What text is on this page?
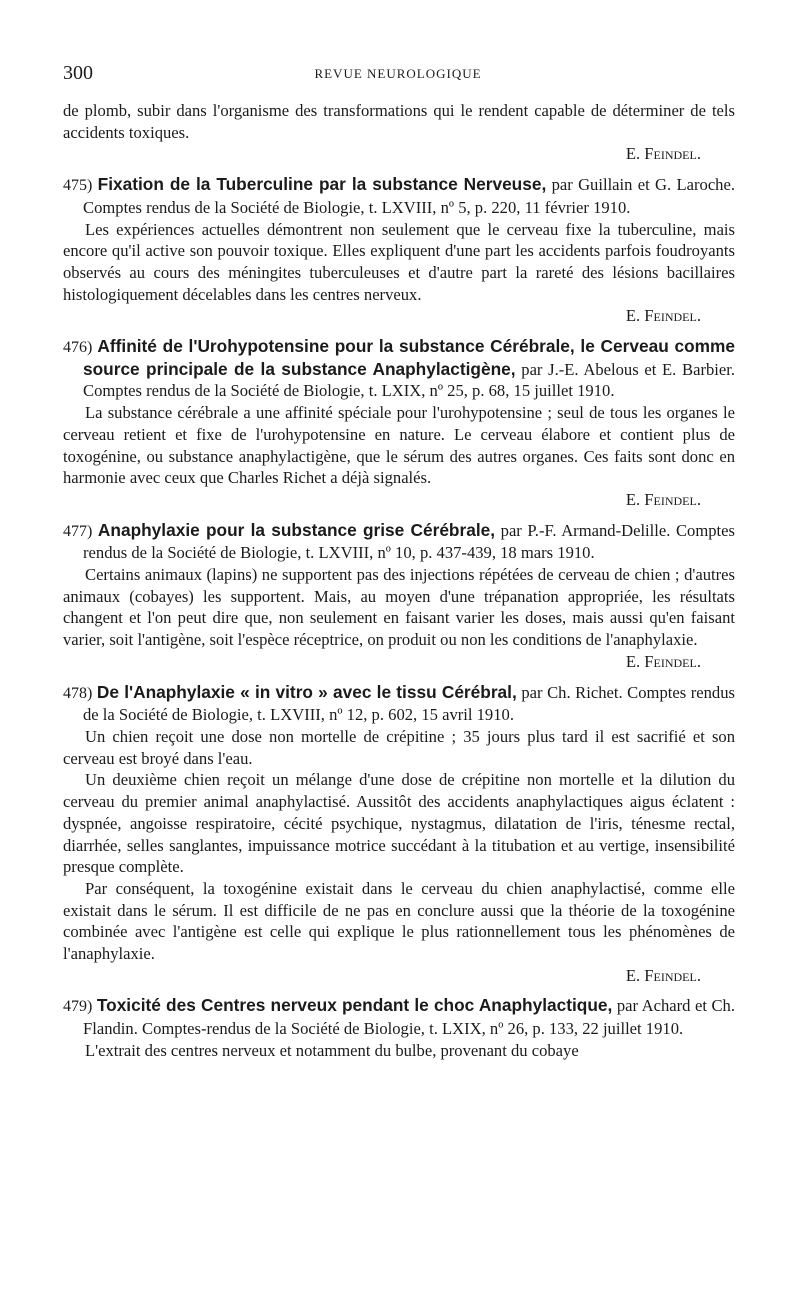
300	REVUE NEUROLOGIQUE

de plomb, subir dans l'organisme des transformations qui le rendent capable de déterminer de tels accidents toxiques.

E. Feindel.

475) Fixation de la Tuberculine par la substance Nerveuse, par Guillain et G. Laroche. Comptes rendus de la Société de Biologie, t. LXVIII, nº 5, p. 220, 11 février 1910.

Les expériences actuelles démontrent non seulement que le cerveau fixe la tuberculine, mais encore qu'il active son pouvoir toxique. Elles expliquent d'une part les accidents parfois foudroyants observés au cours des méningites tuberculeuses et d'autre part la rareté des lésions bacillaires histologiquement décelables dans les centres nerveux.

E. Feindel.

476) Affinité de l'Urohypotensine pour la substance Cérébrale, le Cerveau comme source principale de la substance Anaphylactigène, par J.-E. Abelous et E. Barbier. Comptes rendus de la Société de Biologie, t. LXIX, nº 25, p. 68, 15 juillet 1910.

La substance cérébrale a une affinité spéciale pour l'urohypotensine ; seul de tous les organes le cerveau retient et fixe de l'urohypotensine en nature. Le cerveau élabore et contient plus de toxogénine, ou substance anaphylactigène, que le sérum des autres organes. Ces faits sont donc en harmonie avec ceux que Charles Richet a déjà signalés.

E. Feindel.

477) Anaphylaxie pour la substance grise Cérébrale, par P.-F. Armand-Delille. Comptes rendus de la Société de Biologie, t. LXVIII, nº 10, p. 437-439, 18 mars 1910.

Certains animaux (lapins) ne supportent pas des injections répétées de cerveau de chien ; d'autres animaux (cobayes) les supportent. Mais, au moyen d'une trépanation appropriée, les résultats changent et l'on peut dire que, non seulement en faisant varier les doses, mais aussi qu'en faisant varier, soit l'antigène, soit l'espèce réceptrice, on produit ou non les conditions de l'anaphylaxie.

E. Feindel.

478) De l'Anaphylaxie « in vitro » avec le tissu Cérébral, par Ch. Richet. Comptes rendus de la Société de Biologie, t. LXVIII, nº 12, p. 602, 15 avril 1910.

Un chien reçoit une dose non mortelle de crépitine ; 35 jours plus tard il est sacrifié et son cerveau est broyé dans l'eau.

Un deuxième chien reçoit un mélange d'une dose de crépitine non mortelle et la dilution du cerveau du premier animal anaphylactisé. Aussitôt des accidents anaphylactiques aigus éclatent : dyspnée, angoisse respiratoire, cécité psychique, nystagmus, dilatation de l'iris, ténesme rectal, diarrhée, selles sanglantes, impuissance motrice succédant à la titubation et au vertige, insensibilité presque complète.

Par conséquent, la toxogénine existait dans le cerveau du chien anaphylactisé, comme elle existait dans le sérum. Il est difficile de ne pas en conclure aussi que la théorie de la toxogénine combinée avec l'antigène est celle qui explique le plus rationnellement tous les phénomènes de l'anaphylaxie.

E. Feindel.

479) Toxicité des Centres nerveux pendant le choc Anaphylactique, par Achard et Ch. Flandin. Comptes-rendus de la Société de Biologie, t. LXIX, nº 26, p. 133, 22 juillet 1910.

L'extrait des centres nerveux et notamment du bulbe, provenant du cobaye
